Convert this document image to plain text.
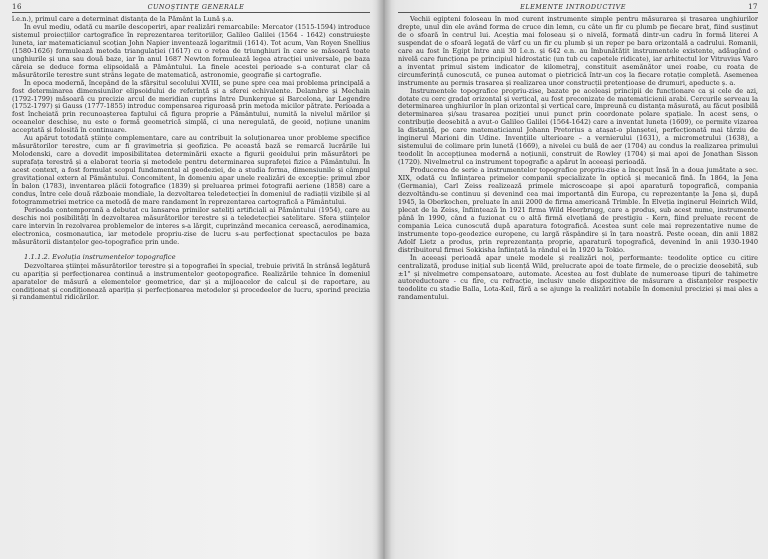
16	CUNOȘTINȚE GENERALE

î.e.n.), primul care a determinat distanța de la Pământ la Lună ș.a.

În evul mediu, odată cu marile descoperiri, apar realizări remarcabile: Mercator (1515-1594) introduce sistemul proiecțiilor cartografice în reprezentarea teritoriilor, Galileo Galilei (1564 - 1642) construiește luneta, iar matematicianul scoțian John Napier inventează logaritmii (1614). Tot acum, Van Royen Snellius (1580-1626) formulează metoda triangulației (1617) cu o rețea de triunghiuri în care se măsoară toate unghiurile și una sau două baze, iar în anul 1687 Newton formulează legea atracției universale, pe baza căreia se deduce forma elipsoidală a Pământului. La finele acestei perioade s-a conturat clar că măsurătorile terestre sunt strâns legate de matematică, astronomie, geografie și cartografie.

În epoca modernă, începând de la sfârșitul secolului XVIII, se pune spre cea mai problema principală a fost determinarea dimensiunilor elipsoidului de referință și a sferei echivalente. Delambre și Mechain (1792-1799) măsoară cu precizie arcul de meridian cuprins între Dunkerque și Barcelona, iar Legendre (1752-1797) și Gauss (1777-1855) introduc compensarea riguroasă prin metoda micilor pătrate. Perioada a fost încheiată prin recunoașterea faptului că figura proprie a Pământului, numită la nivelul mărilor și oceanelor deschise, nu este o formă geometrică simplă, ci una neregulată, de geoid, noțiune unanim acceptată și folosită în continuare.

Au apărut totodată științe complementare, care au contribuit la soluționarea unor probleme specifice măsurătorilor terestre, cum ar fi gravimetria și geofizica. Pe această bază se remarcă lucrările lui Molodenski, care a dovedit imposibilitatea determinării exacte a figurii geoidului prin măsurători pe suprafața terestră și a elaborat teoria și metodele pentru determinarea suprafeței fizice a Pământului. În acest context, a fost formulat scopul fundamental al geodeziei, de a studia forma, dimensiunile și câmpul gravitațional extern al Pământului. Concomitent, în domeniu apar unele realizări de excepție: primul zbor în balon (1783), inventarea plăcii fotografice (1839) și preluarea primei fotografii aeriene (1858) care a condus, între cele două războaie mondiale, la dezvoltarea teledetecției în domeniul de radiații vizibile și al fotogrammetriei metrice ca metodă de mare randament în reprezentarea cartografică a Pământului.

Perioada contemporană a debutat cu lansarea primilor sateliți artificiali ai Pământului (1954), care au deschis noi posibilități în dezvoltarea măsurătorilor terestre și a teledetecției satelitare. Sfera științelor care intervin în rezolvarea problemelor de interes s-a lărgit, cuprinzând mecanica cerească, aerodinamica, electronica, cosmonautica, iar metodele propriu-zise de lucru s-au perfecționat spectaculos pe baza măsurătorii distanțelor geo-topografice prin unde.

1.1.1.2. Evoluția instrumentelor topografice

Dezvoltarea științei măsurătorilor terestre și a topografiei în special, trebuie privită în strânsă legătură cu apariția și perfecționarea continuă a instrumentelor geotopografice. Realizările tehnice în domeniul aparatelor de măsură a elementelor geometrice, dar și a mijloacelor de calcul și de raportare, au condiționat și condiționează apariția și perfecționarea metodelor și procedeelor de lucru, sporind precizia și randamentul ridicărilor.

ELEMENTE INTRODUCTIVE	17

Vechii egipteni foloseau în mod curent instrumente simple pentru măsurarea și trasarea unghiurilor drepte, unul din ele având forma de cruce din lemn, cu câte un fir cu plumb pe fiecare braț, fiind susținut de o sfoară în centrul lui. Aceștia mai foloseau și o nivelă, formată dintr-un cadru în formă literei A suspendat de o sfoară legată de vârf cu un fir cu plumb și un reper pe bara orizontală a cadrului. Romanii, care au fost în Egipt între anii 30 î.e.n. și 642 e.n. au îmbunătățit instrumentele existente, adăugând o nivelă care funcționa pe principiul hidrostatic (un tub cu capetele ridicate), iar arhitectul lor Vitruvius Varo a inventat primul sistem indicator de kilometraj, constituit asemănător unei roabe, cu roata de circumferință cunoscută, ce punea automat o pietricică într-un coș la fiecare rotație completă. Asemenea instrumente au permis trasarea și realizarea unor construcții pretențioase de drumuri, apeducte ș. a.

Instrumentele topografice propriu-zise, bazate pe aceleași principii de funcționare ca și cele de azi, dotate cu cerc gradat orizontal și vertical, au fost preconizate de matematicienii arabi. Cercurile serveau la determinarea unghiurilor în plan orizontal și vertical care, împreună cu distanța măsurată, au făcut posibilă determinarea și/sau trasarea poziției unui punct prin coordonate polare spațiale. În acest sens, o contribuție deosebită a avut-o Galileo Galilei (1564-1642) care a inventat luneta (1609), ce permite vizarea la distanță, pe care matematicianul Johann Pretorius a atașat-o planșetei, perfecționată mai târziu de inginerul Marioni din Udine. Invențiile ulterioare – a vernierului (1631), a micrometrului (1638), a sistemului de colimare prin lunetă (1669), a nivelei cu bulă de aer (1704) au condus la realizarea primului teodolit în accepțiunea modernă a noțiunii, construit de Rowley (1704) și mai apoi de Jonathan Sisson (1720). Nivelmetrul ca instrument topografic a apărut în aceeași perioadă.

Producerea de serie a instrumentelor topografice propriu-zise a început însă în a doua jumătate a sec. XIX, odată cu înființarea primelor companii specializate în optică și mecanică fină. În 1864, la Jena (Germania), Carl Zeiss realizează primele microscoape și apoi aparatură topografică, compania dezvoltându-se continuu și devenind cea mai importantă din Europa, cu reprezentanțe la Jena și, după 1945, la Oberkochen, preluate în anii 2000 de firma americană Trimble. În Elveția inginerul Heinrich Wild, plecat de la Zeiss, înființează în 1921 firma Wild Heerbrugg, care a produs, sub acest nume, instrumente până în 1990, când a fuzionat cu o altă firmă elvețiană de prestigiu - Kern, fiind preluate recent de compania Leica cunoscută după aparatura fotografică. Acestea sunt cele mai reprezentative nume de instrumente topo-geodezice europene, cu largă răspândire și în țara noastră. Peste ocean, din anii 1882 Adolf Lietz a produs, prin reprezentanța proprie, aparatură topografică, devenind în anii 1930-1940 distribuitorul firmei Sokkisha înființată la rândul ei în 1920 la Tokio.

În aceeași perioadă apar unele modele și realizări noi, performante: teodolite optice cu citire centralizată, produse inițial sub licență Wild, prelucrate apoi de toate firmele, de o precizie deosebită, sub ±1" și nivelmetre compensatoare, automate. Acestea au fost dublate de numeroase tipuri de tahimetre autoreductoare - cu fire, cu refracție, inclusiv unele dispozitive de măsurare a distanțelor respectiv teodolite cu stadie Balla, Lota-Keil, fără a se ajunge la realizări notabile în domeniul preciziei și mai ales a randamentului.
